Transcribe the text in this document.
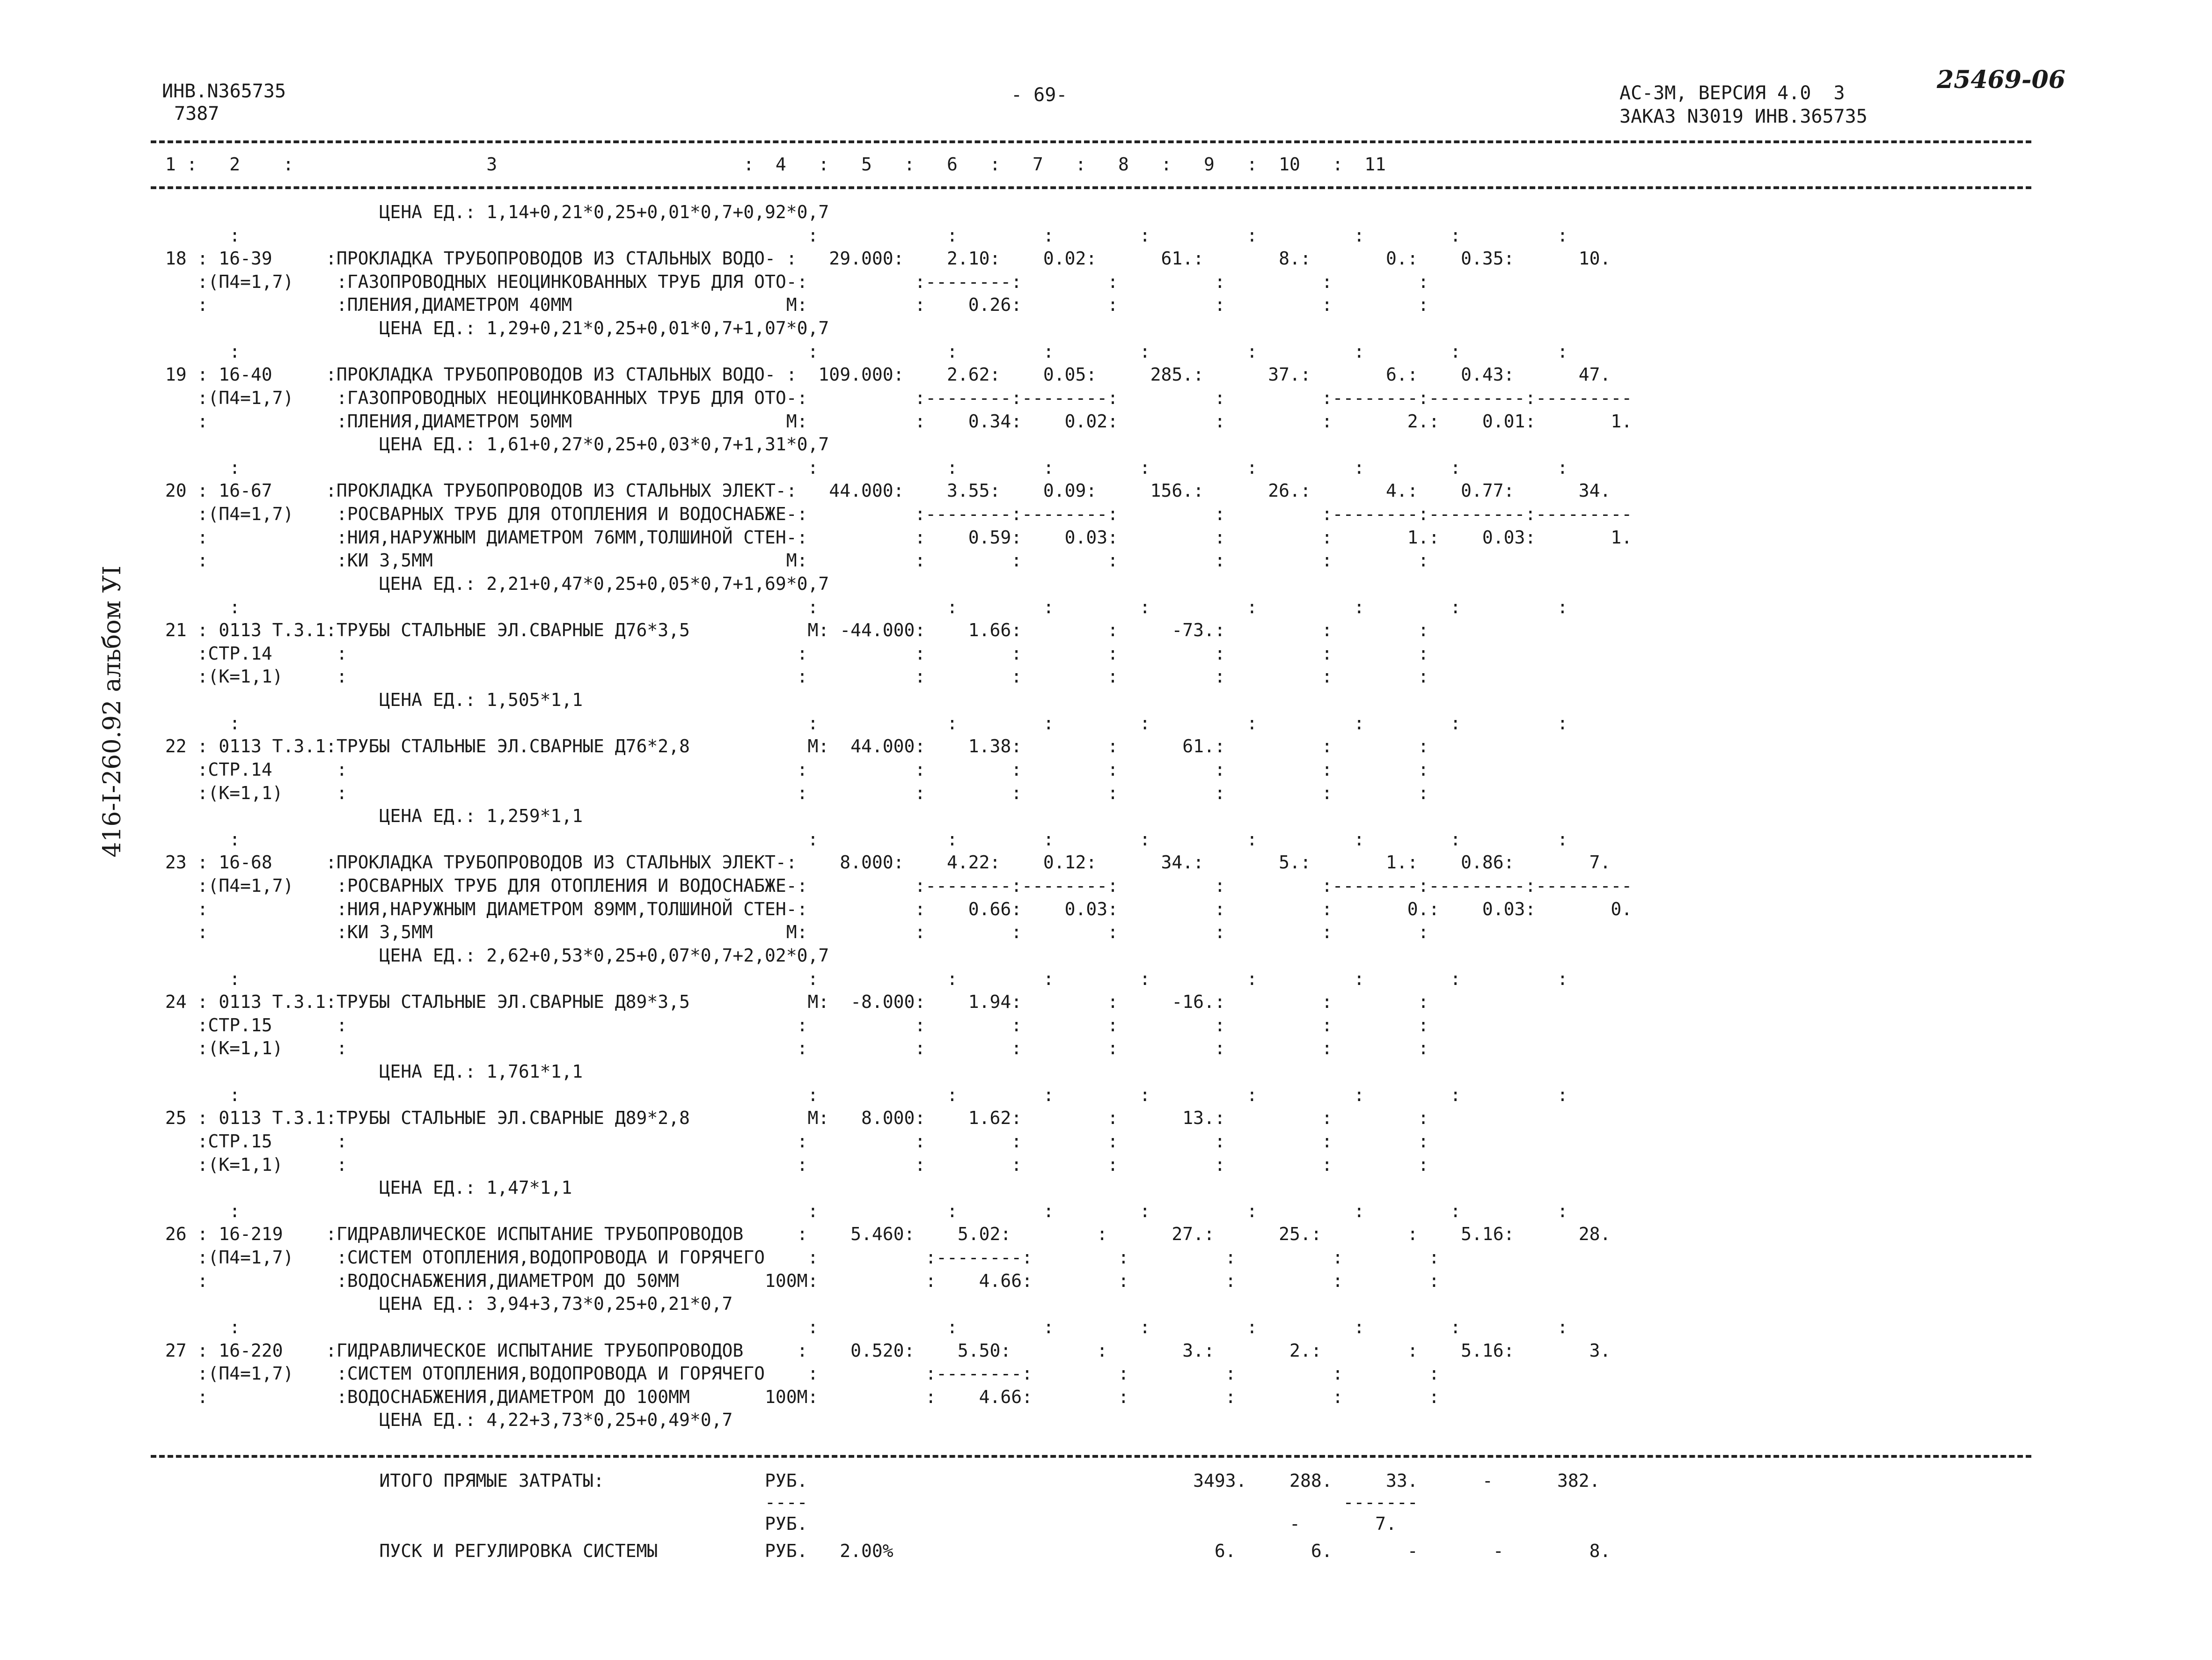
ИНВ.N365735
7387
- 69-	АС-3М, ВЕРСИЯ 4.0  3
ЗАКАЗ N3019 ИНВ.365735
25469-06
416-I-260.92 альбом УI
1 :   2    :                  3                       :  4   :   5   :   6   :   7   :   8   :   9   :  10   :  11
ЦЕНА ЕД.: 1,14+0,21*0,25+0,01*0,7+0,92*0,7
:                                                     :            :        :        :         :         :        :         :
18 : 16-39     :ПРОКЛАДКА ТРУБОПРОВОДОВ ИЗ СТАЛЬНЫХ ВОДО- :   29.000:    2.10:    0.02:      61.:       8.:       0.:    0.35:      10.
:(П4=1,7)    :ГАЗОПРОВОДНЫХ НЕОЦИНКОВАННЫХ ТРУБ ДЛЯ ОТО-:          :--------:        :         :         :        :
:            :ПЛЕНИЯ,ДИАМЕТРОМ 40ММ                    М:          :    0.26:        :         :         :        :
ЦЕНА ЕД.: 1,29+0,21*0,25+0,01*0,7+1,07*0,7
:                                                     :            :        :        :         :         :        :         :
19 : 16-40     :ПРОКЛАДКА ТРУБОПРОВОДОВ ИЗ СТАЛЬНЫХ ВОДО- :  109.000:    2.62:    0.05:     285.:      37.:       6.:    0.43:      47.
:(П4=1,7)    :ГАЗОПРОВОДНЫХ НЕОЦИНКОВАННЫХ ТРУБ ДЛЯ ОТО-:          :--------:--------:         :         :--------:---------:---------
:            :ПЛЕНИЯ,ДИАМЕТРОМ 50ММ                    М:          :    0.34:    0.02:         :         :       2.:    0.01:       1.
ЦЕНА ЕД.: 1,61+0,27*0,25+0,03*0,7+1,31*0,7
:                                                     :            :        :        :         :         :        :         :
20 : 16-67     :ПРОКЛАДКА ТРУБОПРОВОДОВ ИЗ СТАЛЬНЫХ ЭЛЕКТ-:   44.000:    3.55:    0.09:     156.:      26.:       4.:    0.77:      34.
:(П4=1,7)    :РОСВАРНЫХ ТРУБ ДЛЯ ОТОПЛЕНИЯ И ВОДОСНАБЖЕ-:          :--------:--------:         :         :--------:---------:---------
:            :НИЯ,НАРУЖНЫМ ДИАМЕТРОМ 76ММ,ТОЛШИНОЙ СТЕН-:          :    0.59:    0.03:         :         :       1.:    0.03:       1.
:            :КИ 3,5ММ                                 М:          :        :        :         :         :        :
ЦЕНА ЕД.: 2,21+0,47*0,25+0,05*0,7+1,69*0,7
:                                                     :            :        :        :         :         :        :         :
21 : 0113 Т.3.1:ТРУБЫ СТАЛЬНЫЕ ЭЛ.СВАРНЫЕ Д76*3,5           М: -44.000:    1.66:        :     -73.:         :        :
:СТР.14      :                                          :          :        :        :         :         :        :
:(К=1,1)     :                                          :          :        :        :         :         :        :
ЦЕНА ЕД.: 1,505*1,1
:                                                     :            :        :        :         :         :        :         :
22 : 0113 Т.3.1:ТРУБЫ СТАЛЬНЫЕ ЭЛ.СВАРНЫЕ Д76*2,8           М:  44.000:    1.38:        :      61.:         :        :
:СТР.14      :                                          :          :        :        :         :         :        :
:(К=1,1)     :                                          :          :        :        :         :         :        :
ЦЕНА ЕД.: 1,259*1,1
:                                                     :            :        :        :         :         :        :         :
23 : 16-68     :ПРОКЛАДКА ТРУБОПРОВОДОВ ИЗ СТАЛЬНЫХ ЭЛЕКТ-:    8.000:    4.22:    0.12:      34.:       5.:       1.:    0.86:       7.
:(П4=1,7)    :РОСВАРНЫХ ТРУБ ДЛЯ ОТОПЛЕНИЯ И ВОДОСНАБЖЕ-:          :--------:--------:         :         :--------:---------:---------
:            :НИЯ,НАРУЖНЫМ ДИАМЕТРОМ 89ММ,ТОЛШИНОЙ СТЕН-:          :    0.66:    0.03:         :         :       0.:    0.03:       0.
:            :КИ 3,5ММ                                 М:          :        :        :         :         :        :
ЦЕНА ЕД.: 2,62+0,53*0,25+0,07*0,7+2,02*0,7
:                                                     :            :        :        :         :         :        :         :
24 : 0113 Т.3.1:ТРУБЫ СТАЛЬНЫЕ ЭЛ.СВАРНЫЕ Д89*3,5           М:  -8.000:    1.94:        :     -16.:         :        :
:СТР.15      :                                          :          :        :        :         :         :        :
:(К=1,1)     :                                          :          :        :        :         :         :        :
ЦЕНА ЕД.: 1,761*1,1
:                                                     :            :        :        :         :         :        :         :
25 : 0113 Т.3.1:ТРУБЫ СТАЛЬНЫЕ ЭЛ.СВАРНЫЕ Д89*2,8           М:   8.000:    1.62:        :      13.:         :        :
:СТР.15      :                                          :          :        :        :         :         :        :
:(К=1,1)     :                                          :          :        :        :         :         :        :
ЦЕНА ЕД.: 1,47*1,1
:                                                     :            :        :        :         :         :        :         :
26 : 16-219    :ГИДРАВЛИЧЕСКОЕ ИСПЫТАНИЕ ТРУБОПРОВОДОВ     :    5.460:    5.02:        :      27.:      25.:        :    5.16:      28.
:(П4=1,7)    :СИСТЕМ ОТОПЛЕНИЯ,ВОДОПРОВОДА И ГОРЯЧЕГО    :          :--------:        :         :         :        :
:            :ВОДОСНАБЖЕНИЯ,ДИАМЕТРОМ ДО 50ММ        100М:          :    4.66:        :         :         :        :
ЦЕНА ЕД.: 3,94+3,73*0,25+0,21*0,7
:                                                     :            :        :        :         :         :        :         :
27 : 16-220    :ГИДРАВЛИЧЕСКОЕ ИСПЫТАНИЕ ТРУБОПРОВОДОВ     :    0.520:    5.50:        :       3.:       2.:        :    5.16:       3.
:(П4=1,7)    :СИСТЕМ ОТОПЛЕНИЯ,ВОДОПРОВОДА И ГОРЯЧЕГО    :          :--------:        :         :         :        :
:            :ВОДОСНАБЖЕНИЯ,ДИАМЕТРОМ ДО 100ММ       100М:          :    4.66:        :         :         :        :
ЦЕНА ЕД.: 4,22+3,73*0,25+0,49*0,7
ИТОГО ПРЯМЫЕ ЗАТРАТЫ:               РУБ.                                    3493.    288.     33.      -      382.
----                                                  -------
РУБ.                                             -       7.
ПУСК И РЕГУЛИРОВКА СИСТЕМЫ          РУБ.   2.00%                              6.       6.       -       -        8.
